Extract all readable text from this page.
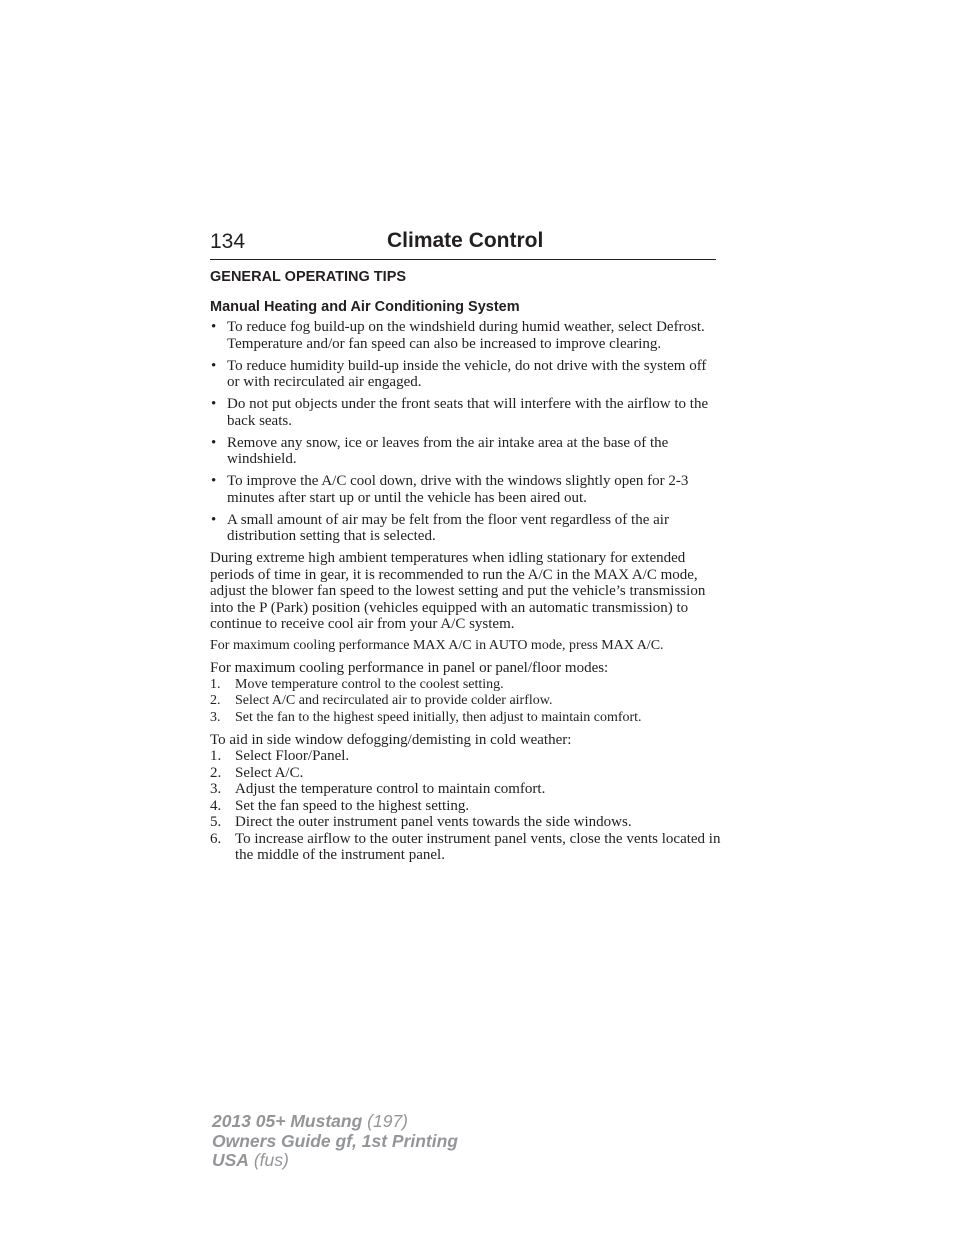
134	Climate Control
GENERAL OPERATING TIPS
Manual Heating and Air Conditioning System
• To reduce fog build-up on the windshield during humid weather, select Defrost. Temperature and/or fan speed can also be increased to improve clearing.
• To reduce humidity build-up inside the vehicle, do not drive with the system off or with recirculated air engaged.
• Do not put objects under the front seats that will interfere with the airflow to the back seats.
• Remove any snow, ice or leaves from the air intake area at the base of the windshield.
• To improve the A/C cool down, drive with the windows slightly open for 2-3 minutes after start up or until the vehicle has been aired out.
• A small amount of air may be felt from the floor vent regardless of the air distribution setting that is selected.

During extreme high ambient temperatures when idling stationary for extended periods of time in gear, it is recommended to run the A/C in the MAX A/C mode, adjust the blower fan speed to the lowest setting and put the vehicle’s transmission into the P (Park) position (vehicles equipped with an automatic transmission) to continue to receive cool air from your A/C system.

For maximum cooling performance MAX A/C in AUTO mode, press MAX A/C.

For maximum cooling performance in panel or panel/floor modes:

1. Move temperature control to the coolest setting.
2. Select A/C and recirculated air to provide colder airflow.
3. Set the fan to the highest speed initially, then adjust to maintain comfort.

To aid in side window defogging/demisting in cold weather:

1. Select Floor/Panel.
2. Select A/C.
3. Adjust the temperature control to maintain comfort.
4. Set the fan speed to the highest setting.
5. Direct the outer instrument panel vents towards the side windows.
6. To increase airflow to the outer instrument panel vents, close the vents located in the middle of the instrument panel.
2013 05+ Mustang (197)
Owners Guide gf, 1st Printing
USA (fus)
